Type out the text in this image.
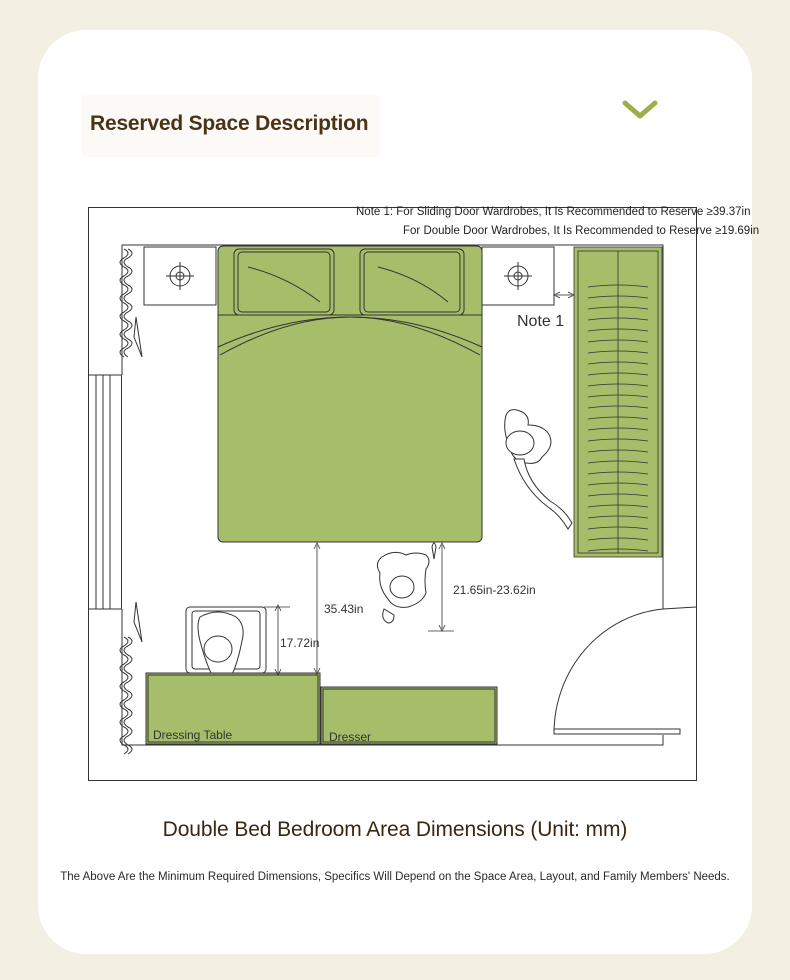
Reserved Space Description
Note 1: For Sliding Door Wardrobes, It Is Recommended to Reserve ≥39.37in
For Double Door Wardrobes, It Is Recommended to Reserve ≥19.69in
Note 1
35.43in
17.72in
21.65in-23.62in
Dressing Table	Dresser
Double Bed Bedroom Area Dimensions (Unit: mm)
The Above Are the Minimum Required Dimensions, Specifics Will Depend on the Space Area, Layout, and Family Members' Needs.
